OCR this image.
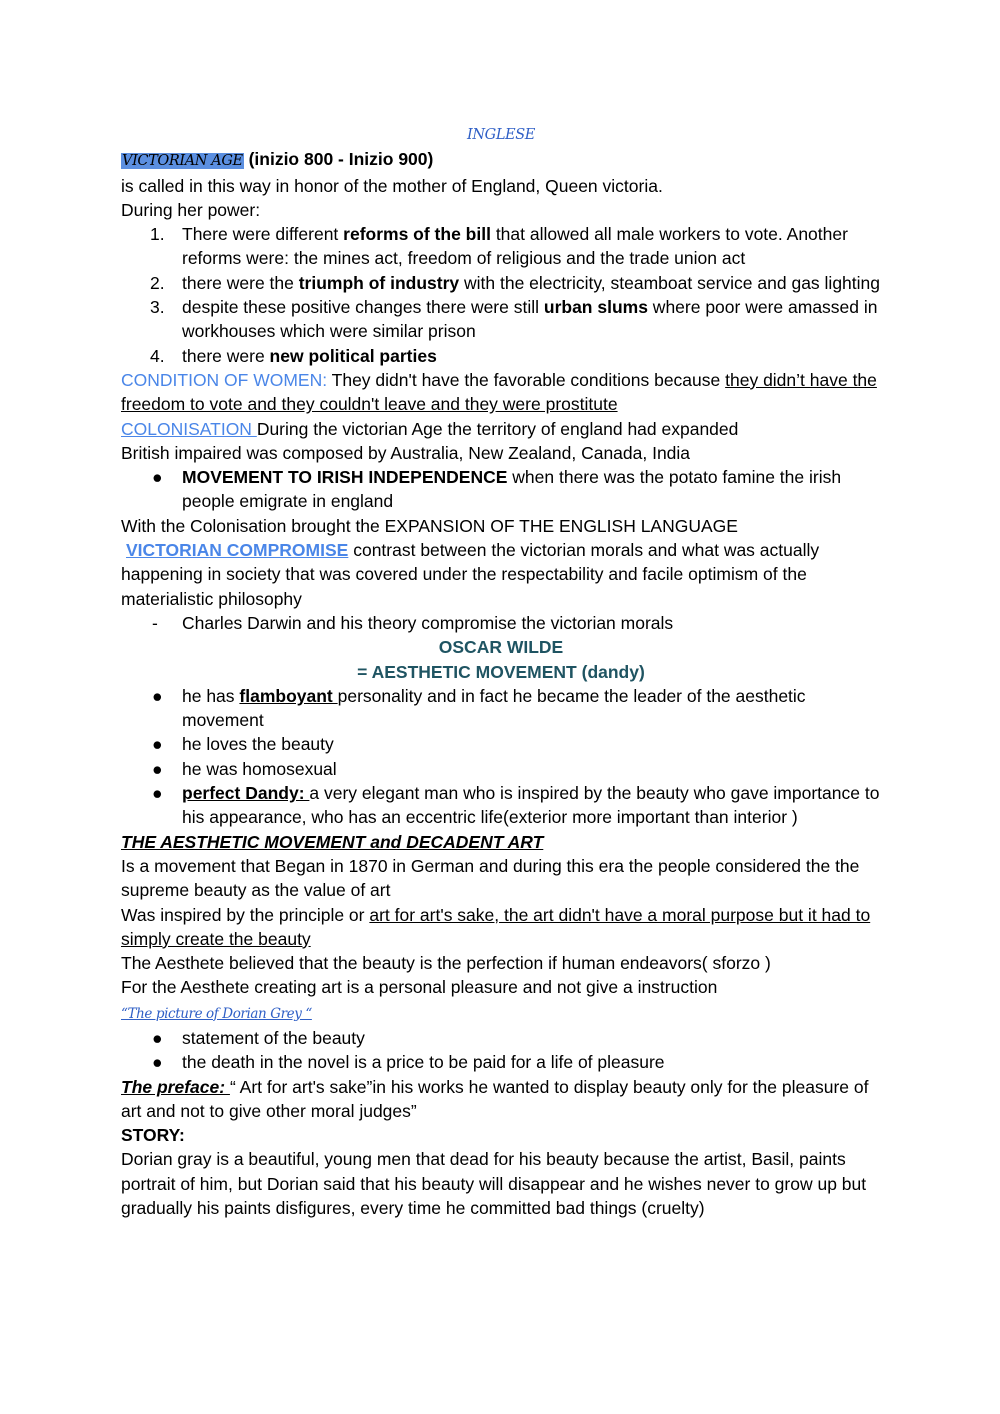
INGLESE
VICTORIAN AGE (inizio 800 - Inizio 900)
is called in this way in honor of the mother of England, Queen victoria.
During her power:
1. There were different reforms of the bill that allowed all male workers to vote. Another reforms were: the mines act, freedom of religious and the trade union act
2. there were the triumph of industry with the electricity, steamboat service and gas lighting
3. despite these positive changes there were still urban slums where poor were amassed in workhouses which were similar prison
4. there were new political parties
CONDITION OF WOMEN: They didn't have the favorable conditions because they didn’t have the freedom to vote and they couldn't leave and they were prostitute
COLONISATION During the victorian Age the territory of england had expanded
British impaired was composed by Australia, New Zealand, Canada, India
● MOVEMENT TO IRISH INDEPENDENCE when there was the potato famine the irish people emigrate in england
With the Colonisation brought the EXPANSION OF THE ENGLISH LANGUAGE
VICTORIAN COMPROMISE contrast between the victorian morals and what was actually happening in society that was covered under the respectability and facile optimism of the materialistic philosophy
- Charles Darwin and his theory compromise the victorian morals
OSCAR WILDE
= AESTHETIC MOVEMENT (dandy)
● he has flamboyant personality and in fact he became the leader of the aesthetic movement
● he loves the beauty
● he was homosexual
● perfect Dandy: a very elegant man who is inspired by the beauty who gave importance to his appearance, who has an eccentric life(exterior more important than interior )
THE AESTHETIC MOVEMENT and DECADENT ART
Is a movement that Began in 1870 in German and during this era the people considered the the supreme beauty as the value of art
Was inspired by the principle or art for art's sake, the art didn't have a moral purpose but it had to simply create the beauty
The Aesthete believed that the beauty is the perfection if human endeavors( sforzo )
For the Aesthete creating art is a personal pleasure and not give a instruction
“The picture of Dorian Grey “
● statement of the beauty
● the death in the novel is a price to be paid for a life of pleasure
The preface: “ Art for art's sake”in his works he wanted to display beauty only for the pleasure of art and not to give other moral judges”
STORY:
Dorian gray is a beautiful, young men that dead for his beauty because the artist, Basil, paints portrait of him, but Dorian said that his beauty will disappear and he wishes never to grow up but gradually his paints disfigures, every time he committed bad things (cruelty)
